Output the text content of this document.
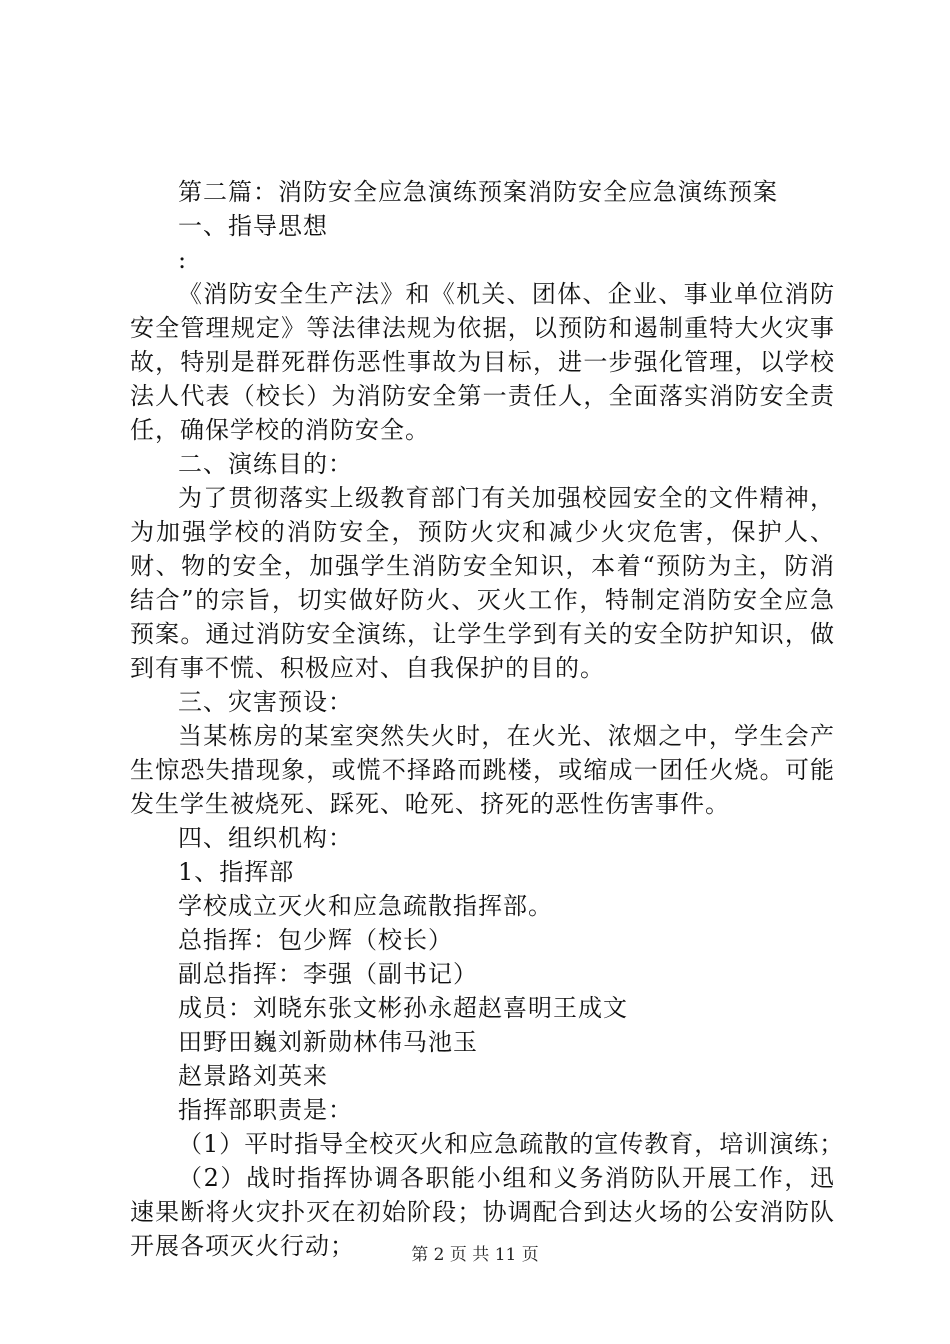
第二篇：消防安全应急演练预案消防安全应急演练预案
一、指导思想
:
《消防安全生产法》和《机关、团体、企业、事业单位消防安全管理规定》等法律法规为依据，以预防和遏制重特大火灾事故，特别是群死群伤恶性事故为目标，进一步强化管理，以学校法人代表（校长）为消防安全第一责任人，全面落实消防安全责任，确保学校的消防安全。
二、演练目的：
为了贯彻落实上级教育部门有关加强校园安全的文件精神，为加强学校的消防安全，预防火灾和减少火灾危害，保护人、财、物的安全，加强学生消防安全知识，本着“预防为主，防消结合”的宗旨，切实做好防火、灭火工作，特制定消防安全应急预案。通过消防安全演练，让学生学到有关的安全防护知识，做到有事不慌、积极应对、自我保护的目的。
三、灾害预设：
当某栋房的某室突然失火时，在火光、浓烟之中，学生会产生惊恐失措现象，或慌不择路而跳楼，或缩成一团任火烧。可能发生学生被烧死、踩死、呛死、挤死的恶性伤害事件。
四、组织机构：
1、指挥部
学校成立灭火和应急疏散指挥部。
总指挥：包少辉（校长）
副总指挥：李强（副书记）
成员：刘晓东张文彬孙永超赵喜明王成文
田野田巍刘新勋林伟马池玉
赵景路刘英来
指挥部职责是：
（1）平时指导全校灭火和应急疏散的宣传教育，培训演练；
（2）战时指挥协调各职能小组和义务消防队开展工作，迅速果断将火灾扑灭在初始阶段；协调配合到达火场的公安消防队开展各项灭火行动；	第 2 页 共 11 页
